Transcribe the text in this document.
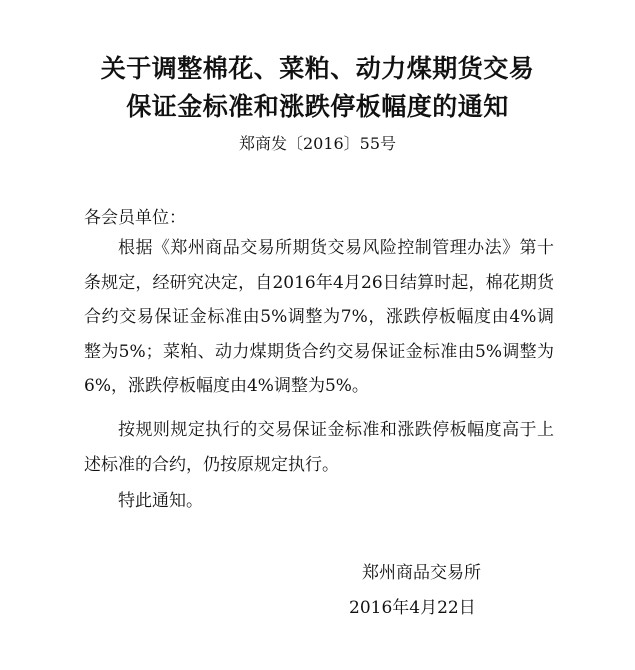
关于调整棉花、菜粕、动力煤期货交易
保证金标准和涨跌停板幅度的通知
郑商发〔2016〕55号

各会员单位：

根据《郑州商品交易所期货交易风险控制管理办法》第十条规定，经研究决定，自2016年4月26日结算时起，棉花期货合约交易保证金标准由5%调整为7%，涨跌停板幅度由4%调整为5%；菜粕、动力煤期货合约交易保证金标准由5%调整为6%，涨跌停板幅度由4%调整为5%。

按规则规定执行的交易保证金标准和涨跌停板幅度高于上述标准的合约，仍按原规定执行。

特此通知。

郑州商品交易所

2016年4月22日
